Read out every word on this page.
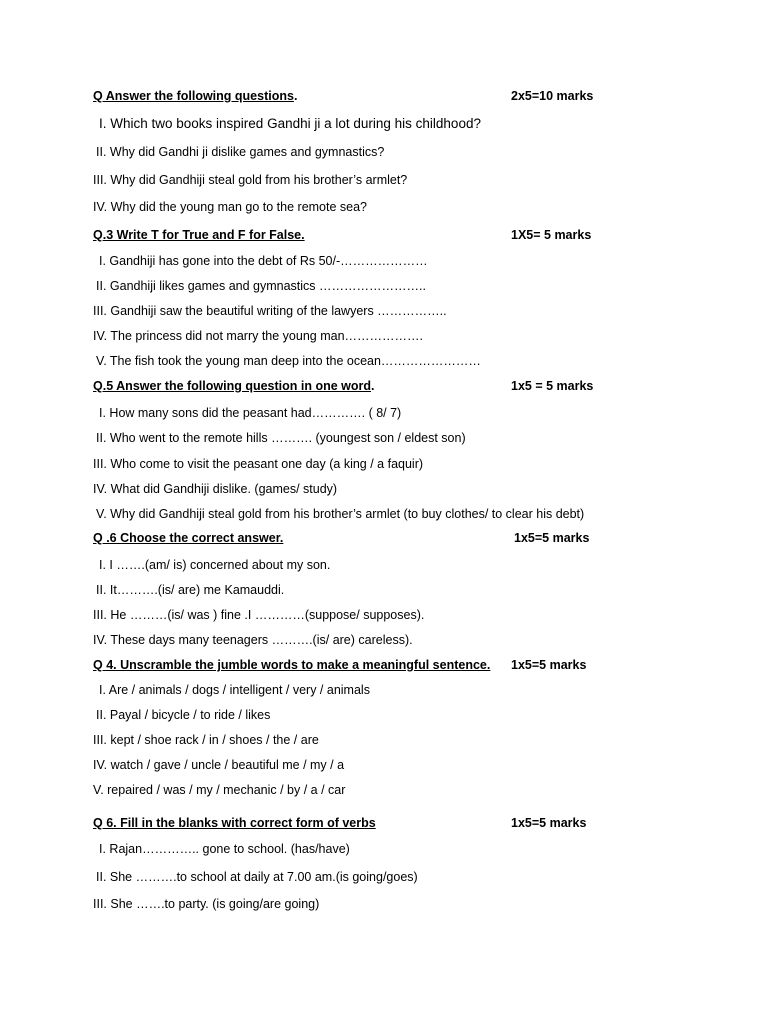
Q Answer the following questions.	2x5=10 marks
I. Which two books inspired Gandhi ji a lot during his childhood?
II. Why did Gandhi ji dislike games and gymnastics?
III. Why did Gandhiji steal gold from his brother’s armlet?
IV. Why did the young man go to the remote sea?
Q.3 Write T for True and F for False.	1X5= 5 marks
I. Gandhiji has gone into the debt of Rs 50/-…………………
II. Gandhiji likes games and gymnastics ……………………..
III. Gandhiji saw the beautiful writing of the lawyers ……………..
IV. The princess did not marry the young man……………….
V. The fish took the young man deep into the ocean……………………
Q.5 Answer the following question in one word.	1x5 = 5 marks
I. How many sons did the peasant had…………. ( 8/ 7)
II. Who went to the remote hills ………. (youngest son / eldest son)
III. Who come to visit the peasant one day (a king / a faquir)
IV. What did Gandhiji dislike. (games/ study)
V. Why did Gandhiji steal gold from his brother’s armlet (to buy clothes/ to clear his debt)
Q .6 Choose the correct answer.	1x5=5 marks
I. I …….(am/ is) concerned about my son.
II. It……….(is/ are) me Kamauddi.
III. He ………(is/ was ) fine .I …………(suppose/ supposes).
IV. These days many teenagers ……….(is/ are) careless).
Q 4. Unscramble the jumble words to make a meaningful sentence. 1x5=5 marks
I. Are / animals / dogs / intelligent / very / animals
II. Payal / bicycle / to ride / likes
III. kept / shoe rack / in / shoes / the / are
IV. watch / gave / uncle / beautiful me / my / a
V. repaired / was / my / mechanic / by / a / car
Q 6. Fill in the blanks with correct form of verbs	1x5=5 marks
I. Rajan………….. gone to school. (has/have)
II. She ……….to school at daily at 7.00 am.(is going/goes)
III. She …….to party. (is going/are going)
